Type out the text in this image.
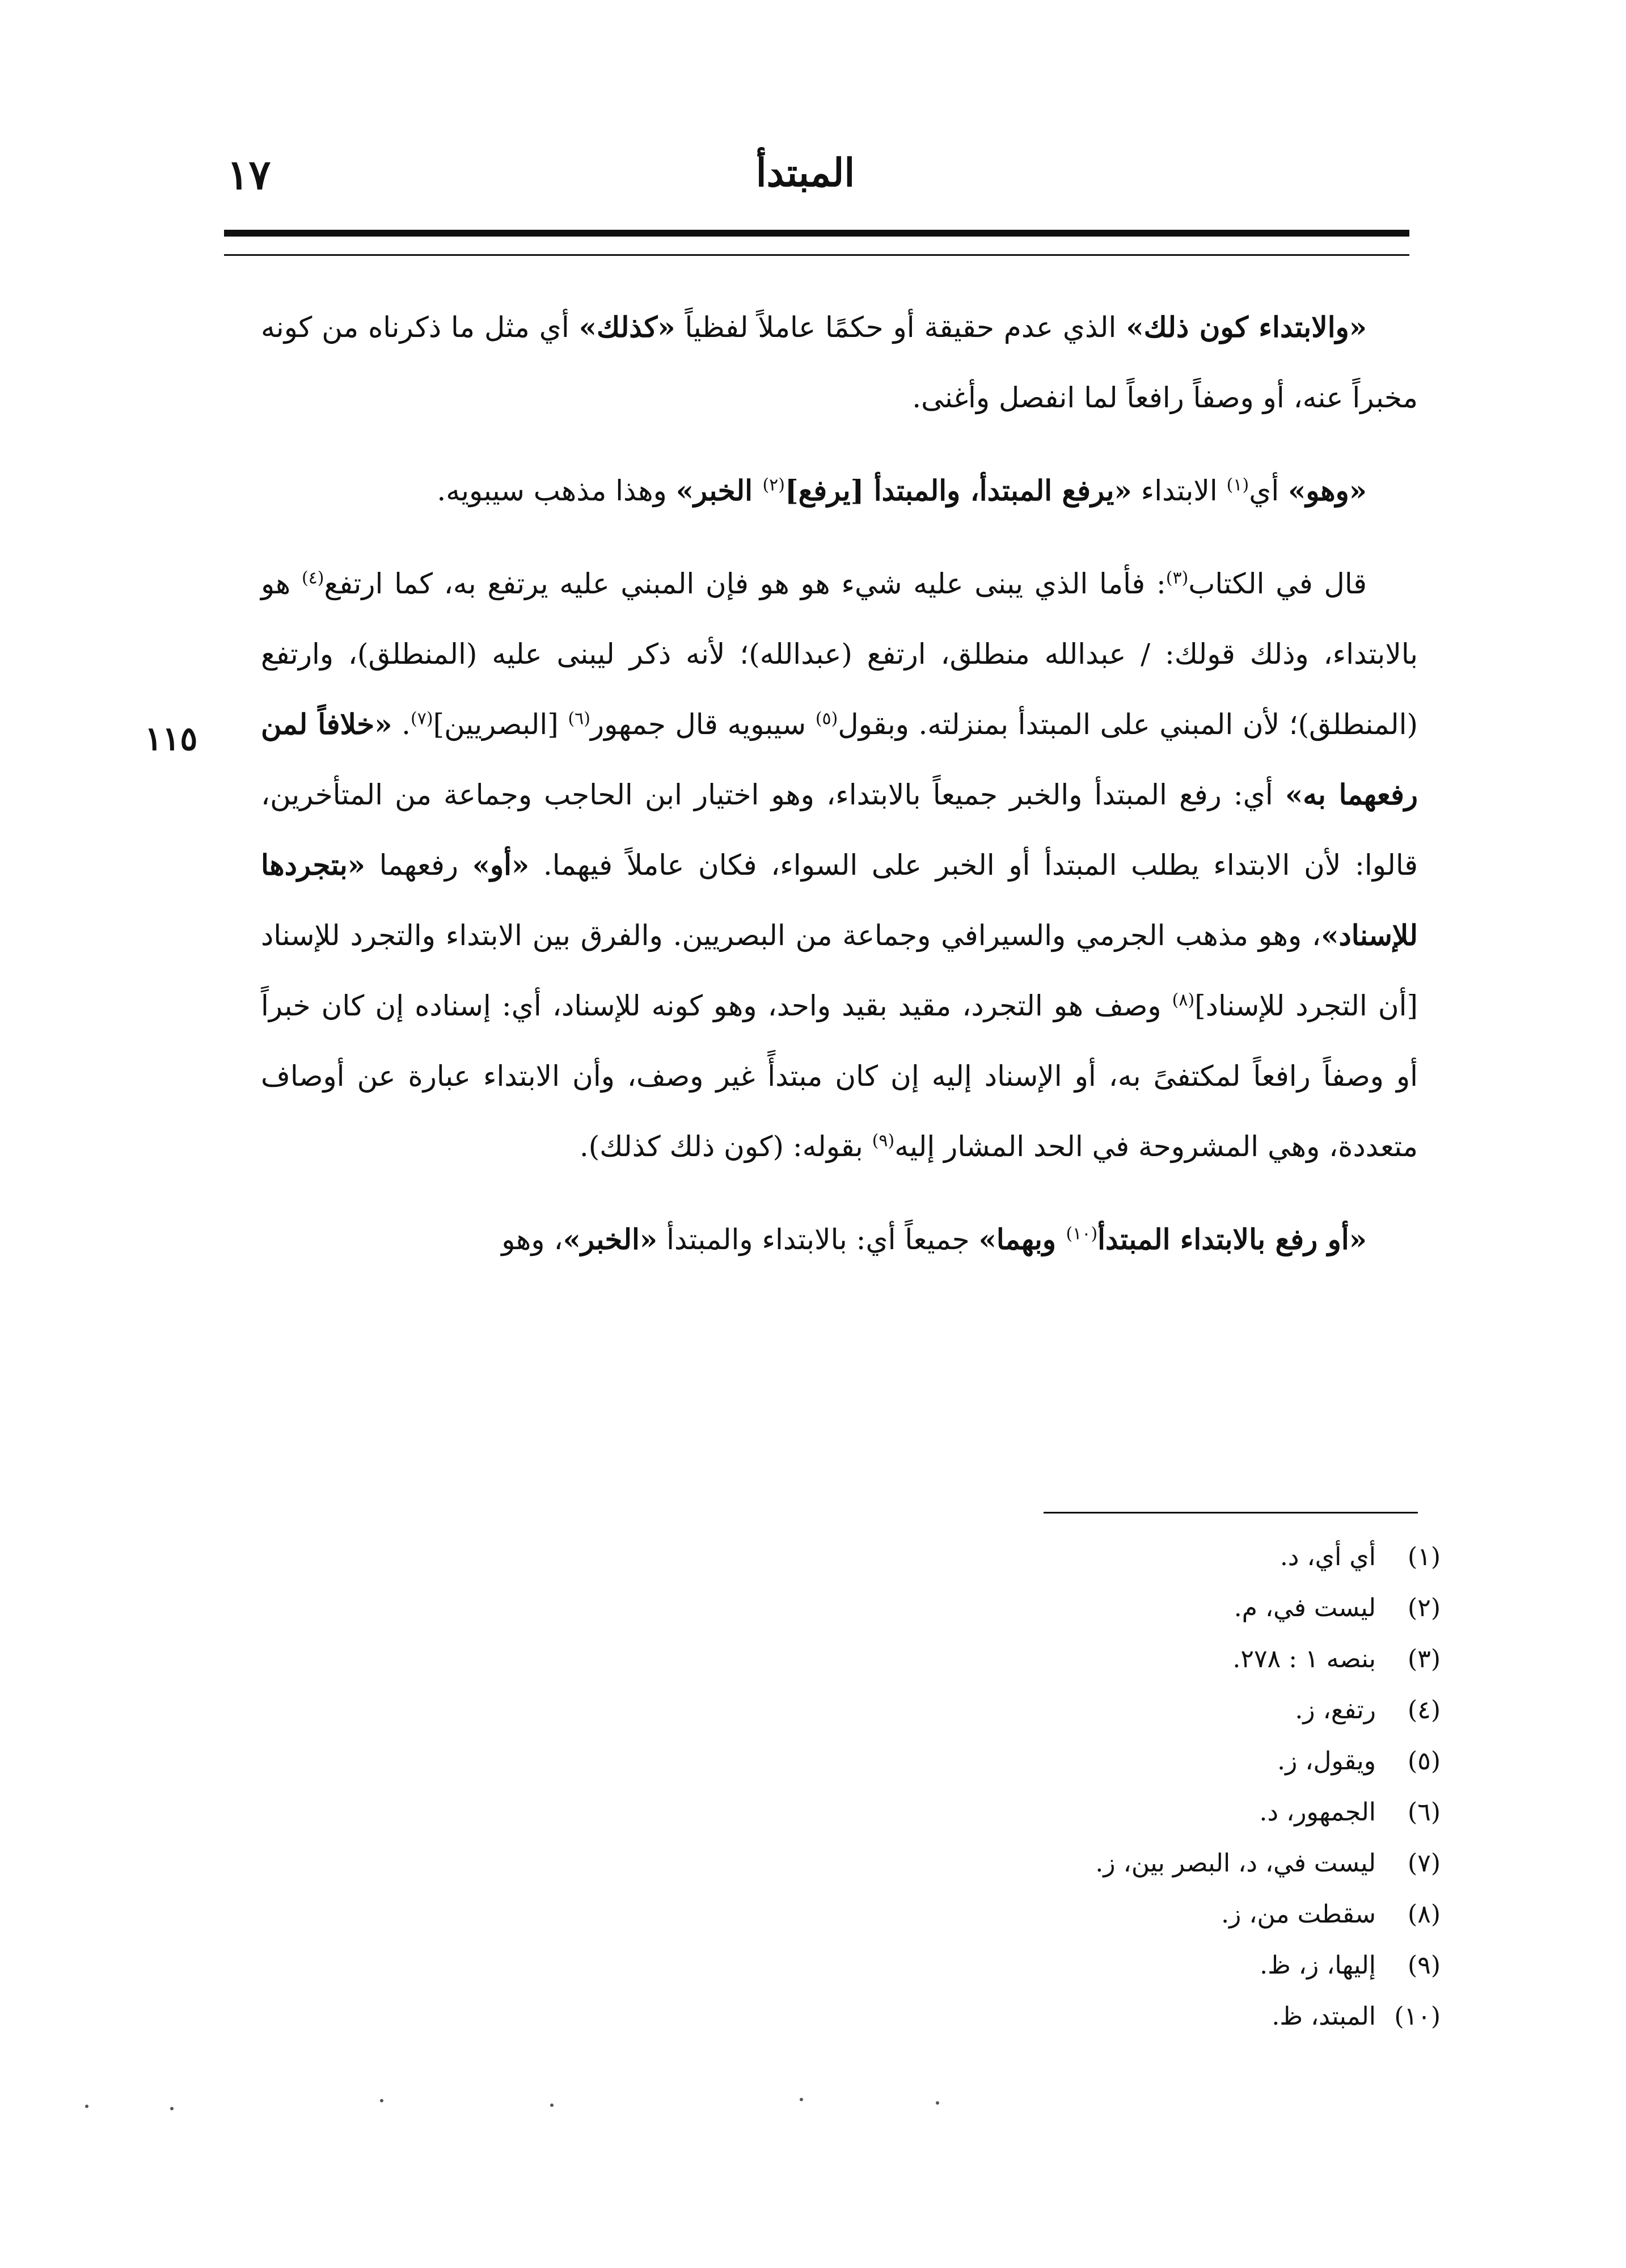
١٧	المبتدأ
١١٥

«والابتداء كون ذلك» الذي عدم حقيقة أو حكمًا عاملاً لفظياً «كذلك» أي مثل ما ذكرناه من كونه مخبراً عنه، أو وصفاً رافعاً لما انفصل وأغنى.

«وهو» أي$^{(١)}$ الابتداء «يرفع المبتدأ، والمبتدأ [يرفع]$^{(٢)}$ الخبر» وهذا مذهب سيبويه.

قال في الكتاب$^{(٣)}$: فأما الذي يبنى عليه شيء هو هو فإن المبني عليه يرتفع به، كما ارتفع$^{(٤)}$ هو بالابتداء، وذلك قولك: / عبدالله منطلق، ارتفع (عبدالله)؛ لأنه ذكر ليبنى عليه (المنطلق)، وارتفع (المنطلق)؛ لأن المبني على المبتدأ بمنزلته. وبقول$^{(٥)}$ سيبويه قال جمهور$^{(٦)}$ [البصريين]$^{(٧)}$. «خلافاً لمن رفعهما به» أي: رفع المبتدأ والخبر جميعاً بالابتداء، وهو اختيار ابن الحاجب وجماعة من المتأخرين، قالوا: لأن الابتداء يطلب المبتدأ أو الخبر على السواء، فكان عاملاً فيهما. «أو» رفعهما «بتجردها للإسناد»، وهو مذهب الجرمي والسيرافي وجماعة من البصريين. والفرق بين الابتداء والتجرد للإسناد [أن التجرد للإسناد]$^{(٨)}$ وصف هو التجرد، مقيد بقيد واحد، وهو كونه للإسناد، أي: إسناده إن كان خبراً أو وصفاً رافعاً لمكتفىً به، أو الإسناد إليه إن كان مبتدأً غير وصف، وأن الابتداء عبارة عن أوصاف متعددة، وهي المشروحة في الحد المشار إليه$^{(٩)}$ بقوله: (كون ذلك كذلك).

«أو رفع بالابتداء المبتدأ$^{(١٠)}$ وبهما» جميعاً أي: بالابتداء والمبتدأ «الخبر»، وهو

(١)
أي أي، د.
(٢)
ليست في، م.
(٣)
بنصه ١ : ٢٧٨.
(٤)
رتفع، ز.
(٥)
ويقول، ز.
(٦)
الجمهور، د.
(٧)
ليست في، د، البصر بين، ز.
(٨)
سقطت من، ز.
(٩)
إليها، ز، ظ.
(١٠)
المبتد، ظ.
